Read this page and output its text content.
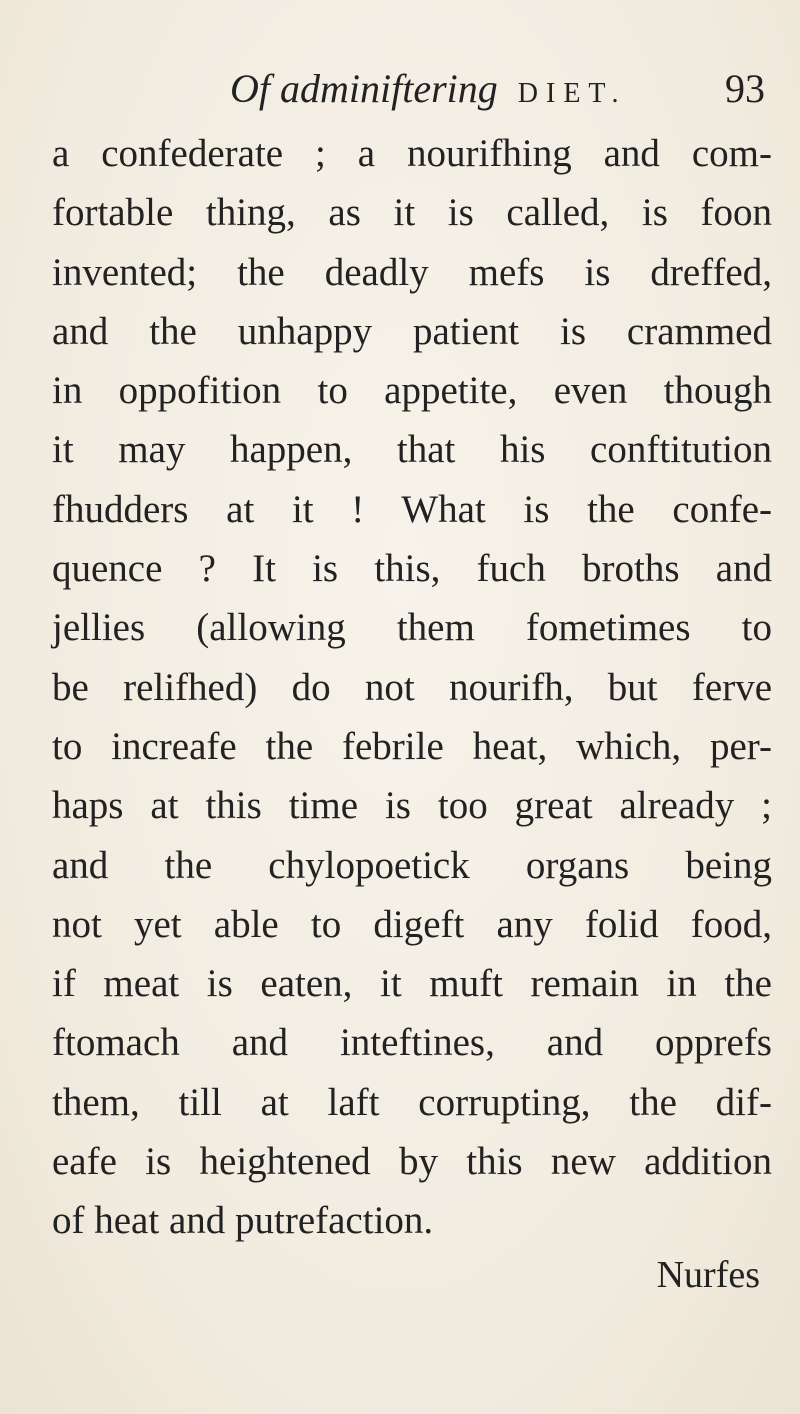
Of adminiftering DIET. 93
a confederate ; a nourifhing and com-
fortable thing, as it is called, is foon
invented; the deadly mefs is dreffed,
and the unhappy patient is crammed
in oppofition to appetite, even though
it may happen, that his conftitution
fhudders at it ! What is the confe-
quence ? It is this, fuch broths and
jellies (allowing them fometimes to
be relifhed) do not nourifh, but ferve
to increafe the febrile heat, which, per-
haps at this time is too great already ;
and the chylopoetick organs being
not yet able to digeft any folid food,
if meat is eaten, it muft remain in the
ftomach and inteftines, and opprefs
them, till at laft corrupting, the dif-
eafe is heightened by this new addition
of heat and putrefaction.
Nurfes
